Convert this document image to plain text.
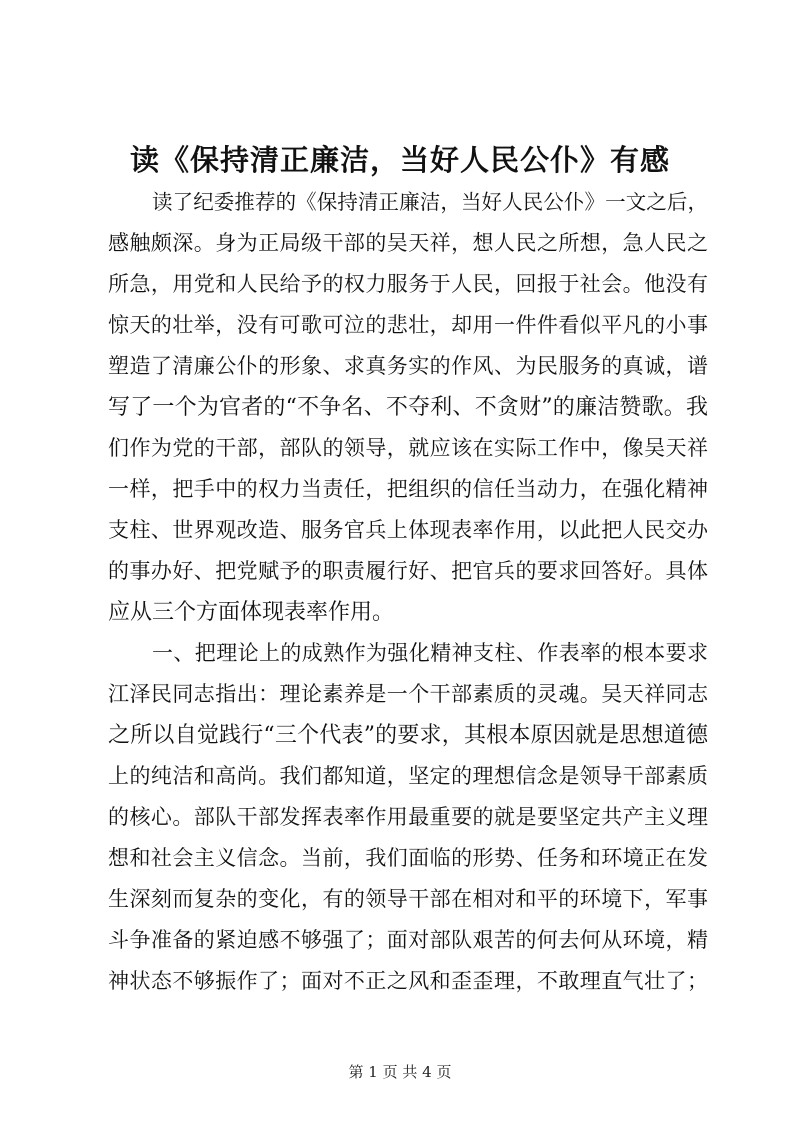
读《保持清正廉洁，当好人民公仆》有感
读了纪委推荐的《保持清正廉洁，当好人民公仆》一文之后，
感触颇深。身为正局级干部的吴天祥，想人民之所想，急人民之
所急，用党和人民给予的权力服务于人民，回报于社会。他没有
惊天的壮举，没有可歌可泣的悲壮，却用一件件看似平凡的小事
塑造了清廉公仆的形象、求真务实的作风、为民服务的真诚，谱
写了一个为官者的“不争名、不夺利、不贪财”的廉洁赞歌。我
们作为党的干部，部队的领导，就应该在实际工作中，像吴天祥
一样，把手中的权力当责任，把组织的信任当动力，在强化精神
支柱、世界观改造、服务官兵上体现表率作用，以此把人民交办
的事办好、把党赋予的职责履行好、把官兵的要求回答好。具体
应从三个方面体现表率作用。
一、把理论上的成熟作为强化精神支柱、作表率的根本要求
江泽民同志指出：理论素养是一个干部素质的灵魂。吴天祥同志
之所以自觉践行“三个代表”的要求，其根本原因就是思想道德
上的纯洁和高尚。我们都知道，坚定的理想信念是领导干部素质
的核心。部队干部发挥表率作用最重要的就是要坚定共产主义理
想和社会主义信念。当前，我们面临的形势、任务和环境正在发
生深刻而复杂的变化，有的领导干部在相对和平的环境下，军事
斗争准备的紧迫感不够强了；面对部队艰苦的何去何从环境，精
神状态不够振作了；面对不正之风和歪歪理，不敢理直气壮了；
第 1 页 共 4 页
